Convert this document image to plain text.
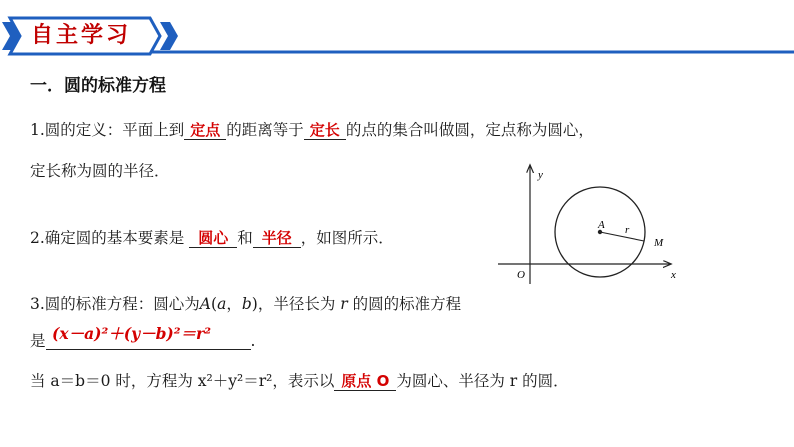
自主学习
一．圆的标准方程
1.圆的定义：平面上到 定点 的距离等于 定长 的点的集合叫做圆，定点称为圆心，
定长称为圆的半径．
2.确定圆的基本要素是 圆心 和 半径 ，如图所示．
3.圆的标准方程：圆心为A(a，b)，半径长为 r 的圆的标准方程
是	.
(x－a)²＋(y－b)²＝r²
当 a＝b＝0 时，方程为 x²＋y²＝r²，表示以 原点 O 为圆心、半径为 r 的圆．
y
x
O
A r
M
